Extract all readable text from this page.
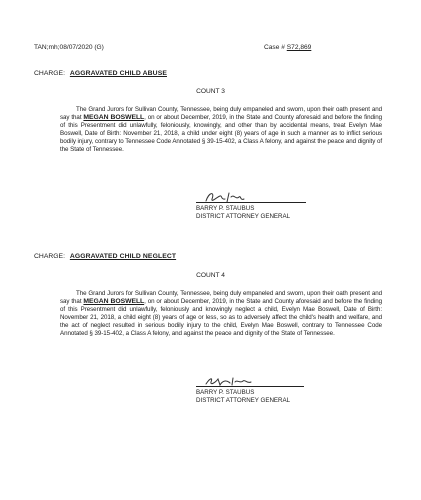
TAN;mh;08/07/2020 (G)	Case # S72,869
CHARGE: AGGRAVATED CHILD ABUSE
COUNT 3
The Grand Jurors for Sullivan County, Tennessee, being duly empaneled and sworn, upon their oath present and say that MEGAN BOSWELL, on or about December, 2019, in the State and County aforesaid and before the finding of this Presentment did unlawfully, feloniously, knowingly, and other than by accidental means, treat Evelyn Mae Boswell, Date of Birth: November 21, 2018, a child under eight (8) years of age in such a manner as to inflict serious bodily injury, contrary to Tennessee Code Annotated § 39-15-402, a Class A felony, and against the peace and dignity of the State of Tennessee.
BARRY P. STAUBUS
DISTRICT ATTORNEY GENERAL
CHARGE: AGGRAVATED CHILD NEGLECT
COUNT 4
The Grand Jurors for Sullivan County, Tennessee, being duly empaneled and sworn, upon their oath present and say that MEGAN BOSWELL, on or about December, 2019, in the State and County aforesaid and before the finding of this Presentment did unlawfully, feloniously and knowingly neglect a child, Evelyn Mae Boswell, Date of Birth: November 21, 2018, a child eight (8) years of age or less, so as to adversely affect the child's health and welfare, and the act of neglect resulted in serious bodily injury to the child, Evelyn Mae Boswell, contrary to Tennessee Code Annotated § 39-15-402, a Class A felony, and against the peace and dignity of the State of Tennessee.
BARRY P. STAUBUS
DISTRICT ATTORNEY GENERAL
